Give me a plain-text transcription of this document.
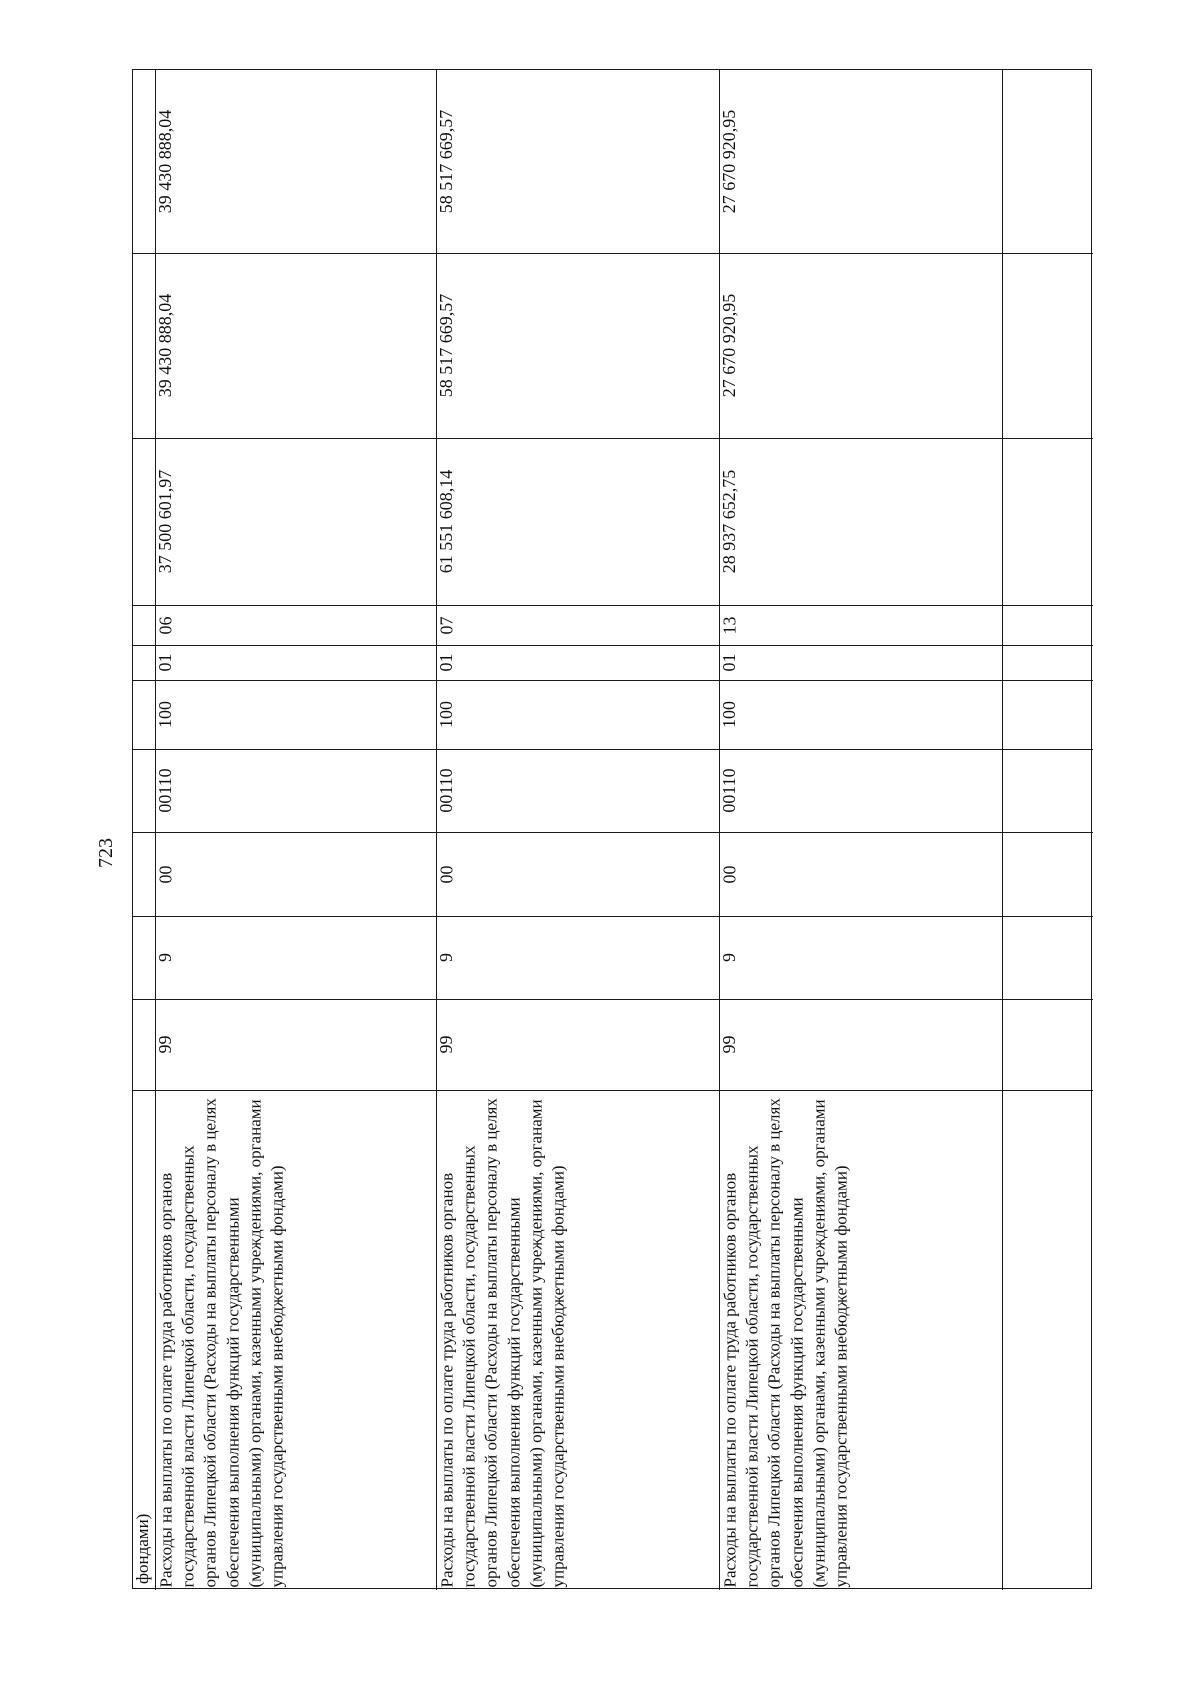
723
фондами)
39 430 888,04
39 430 888,04
37 500 601,97
06
01
100
00110
00
9
99
Расходы на выплаты по оплате труда работников органов государственной власти Липецкой области, государственных органов Липецкой области (Расходы на выплаты персоналу в целях обеспечения выполнения функций государственными (муниципальными) органами, казенными учреждениями, органами управления государственными внебюджетными фондами)
58 517 669,57
58 517 669,57
61 551 608,14
07
01
100
00110
00
9
99
Расходы на выплаты по оплате труда работников органов государственной власти Липецкой области, государственных органов Липецкой области (Расходы на выплаты персоналу в целях обеспечения выполнения функций государственными (муниципальными) органами, казенными учреждениями, органами управления государственными внебюджетными фондами)
27 670 920,95
27 670 920,95
28 937 652,75
13
01
100
00110
00
9
99
Расходы на выплаты по оплате труда работников органов государственной власти Липецкой области, государственных органов Липецкой области (Расходы на выплаты персоналу в целях обеспечения выполнения функций государственными (муниципальными) органами, казенными учреждениями, органами управления государственными внебюджетными фондами)
